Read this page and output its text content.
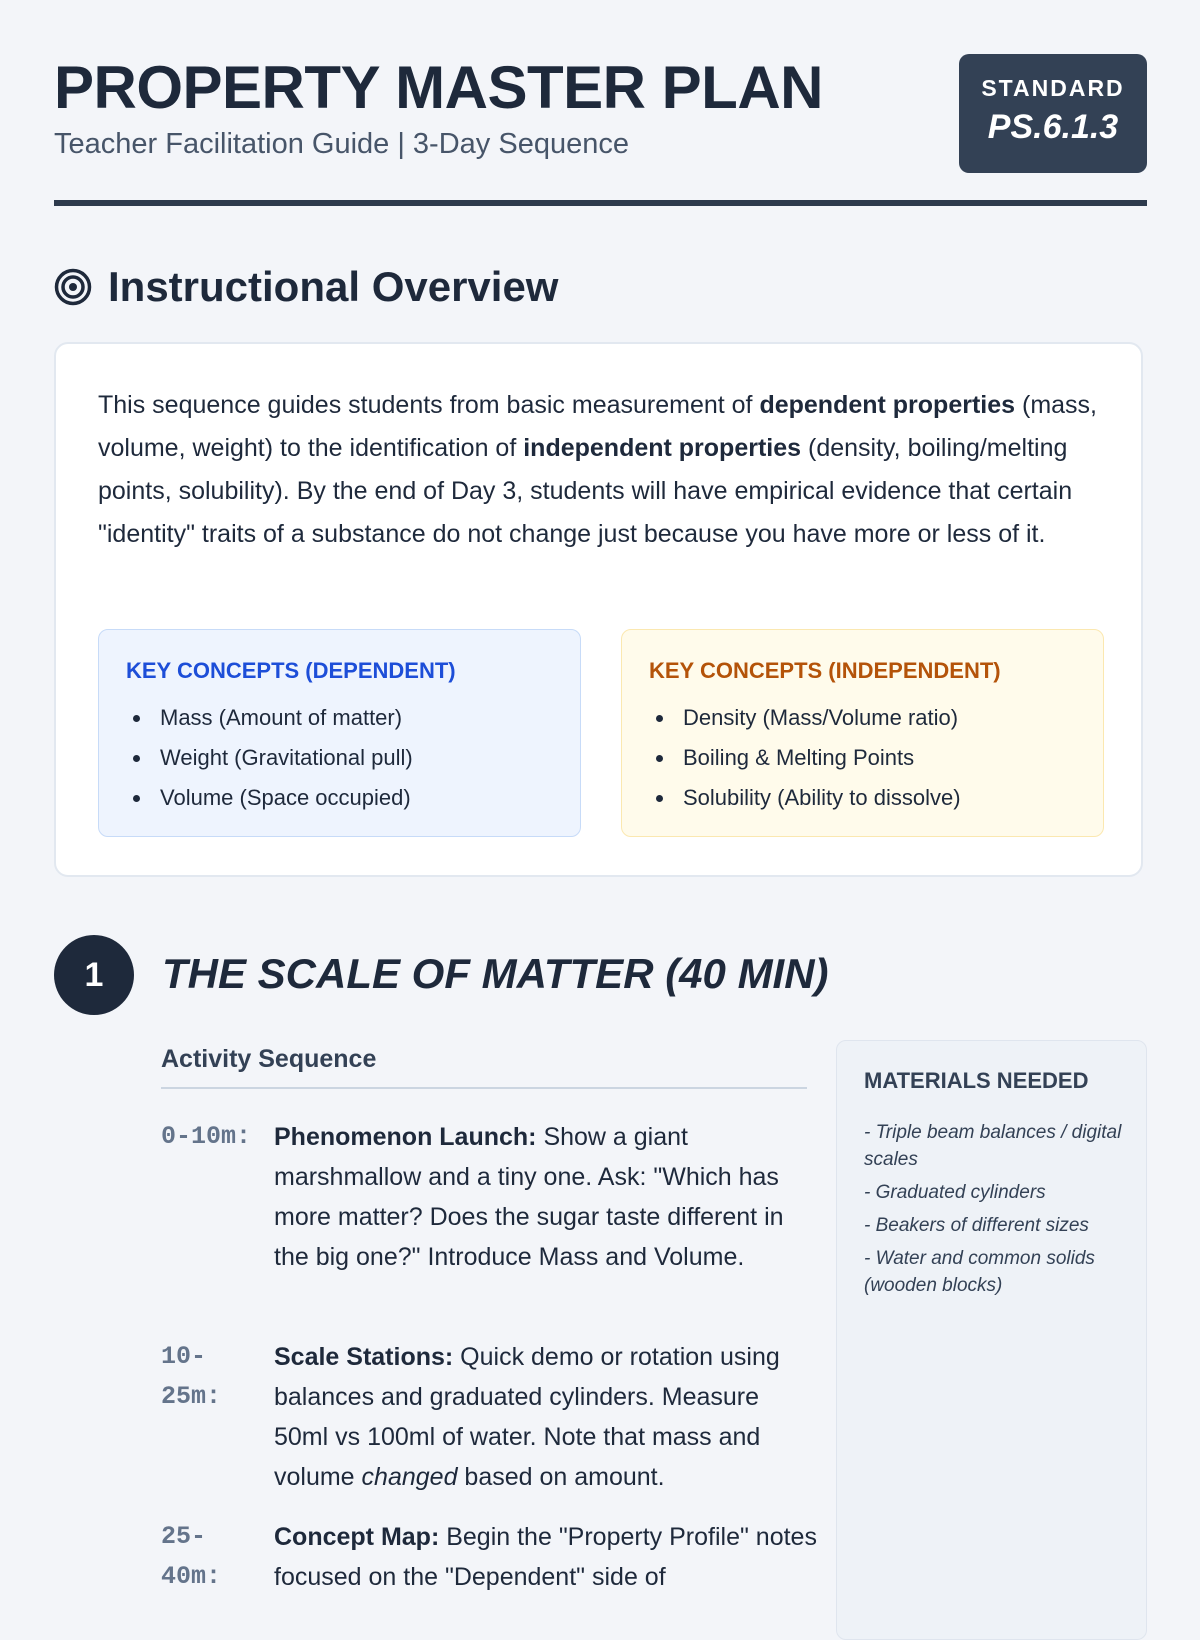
PROPERTY MASTER PLAN
Teacher Facilitation Guide | 3-Day Sequence
STANDARD
PS.6.1.3
Instructional Overview

This sequence guides students from basic measurement of dependent properties (mass, volume, weight) to the identification of independent properties (density, boiling/melting points, solubility). By the end of Day 3, students will have empirical evidence that certain "identity" traits of a substance do not change just because you have more or less of it.

KEY CONCEPTS (DEPENDENT)
Mass (Amount of matter)
Weight (Gravitational pull)
Volume (Space occupied)
KEY CONCEPTS (INDEPENDENT)
Density (Mass/Volume ratio)
Boiling & Melting Points
Solubility (Ability to dissolve)
1	THE SCALE OF MATTER (40 MIN)
Activity Sequence
0-10m: Phenomenon Launch: Show a giant marshmallow and a tiny one. Ask: "Which has more matter? Does the sugar taste different in the big one?" Introduce Mass and Volume.
10-25m:
Scale Stations: Quick demo or rotation using balances and graduated cylinders. Measure 50ml vs 100ml of water. Note that mass and volume changed based on amount.
25-40m:
Concept Map: Begin the "Property Profile" notes focused on the "Dependent" side of
MATERIALS NEEDED
- Triple beam balances / digital scales
- Graduated cylinders
- Beakers of different sizes
- Water and common solids (wooden blocks)
